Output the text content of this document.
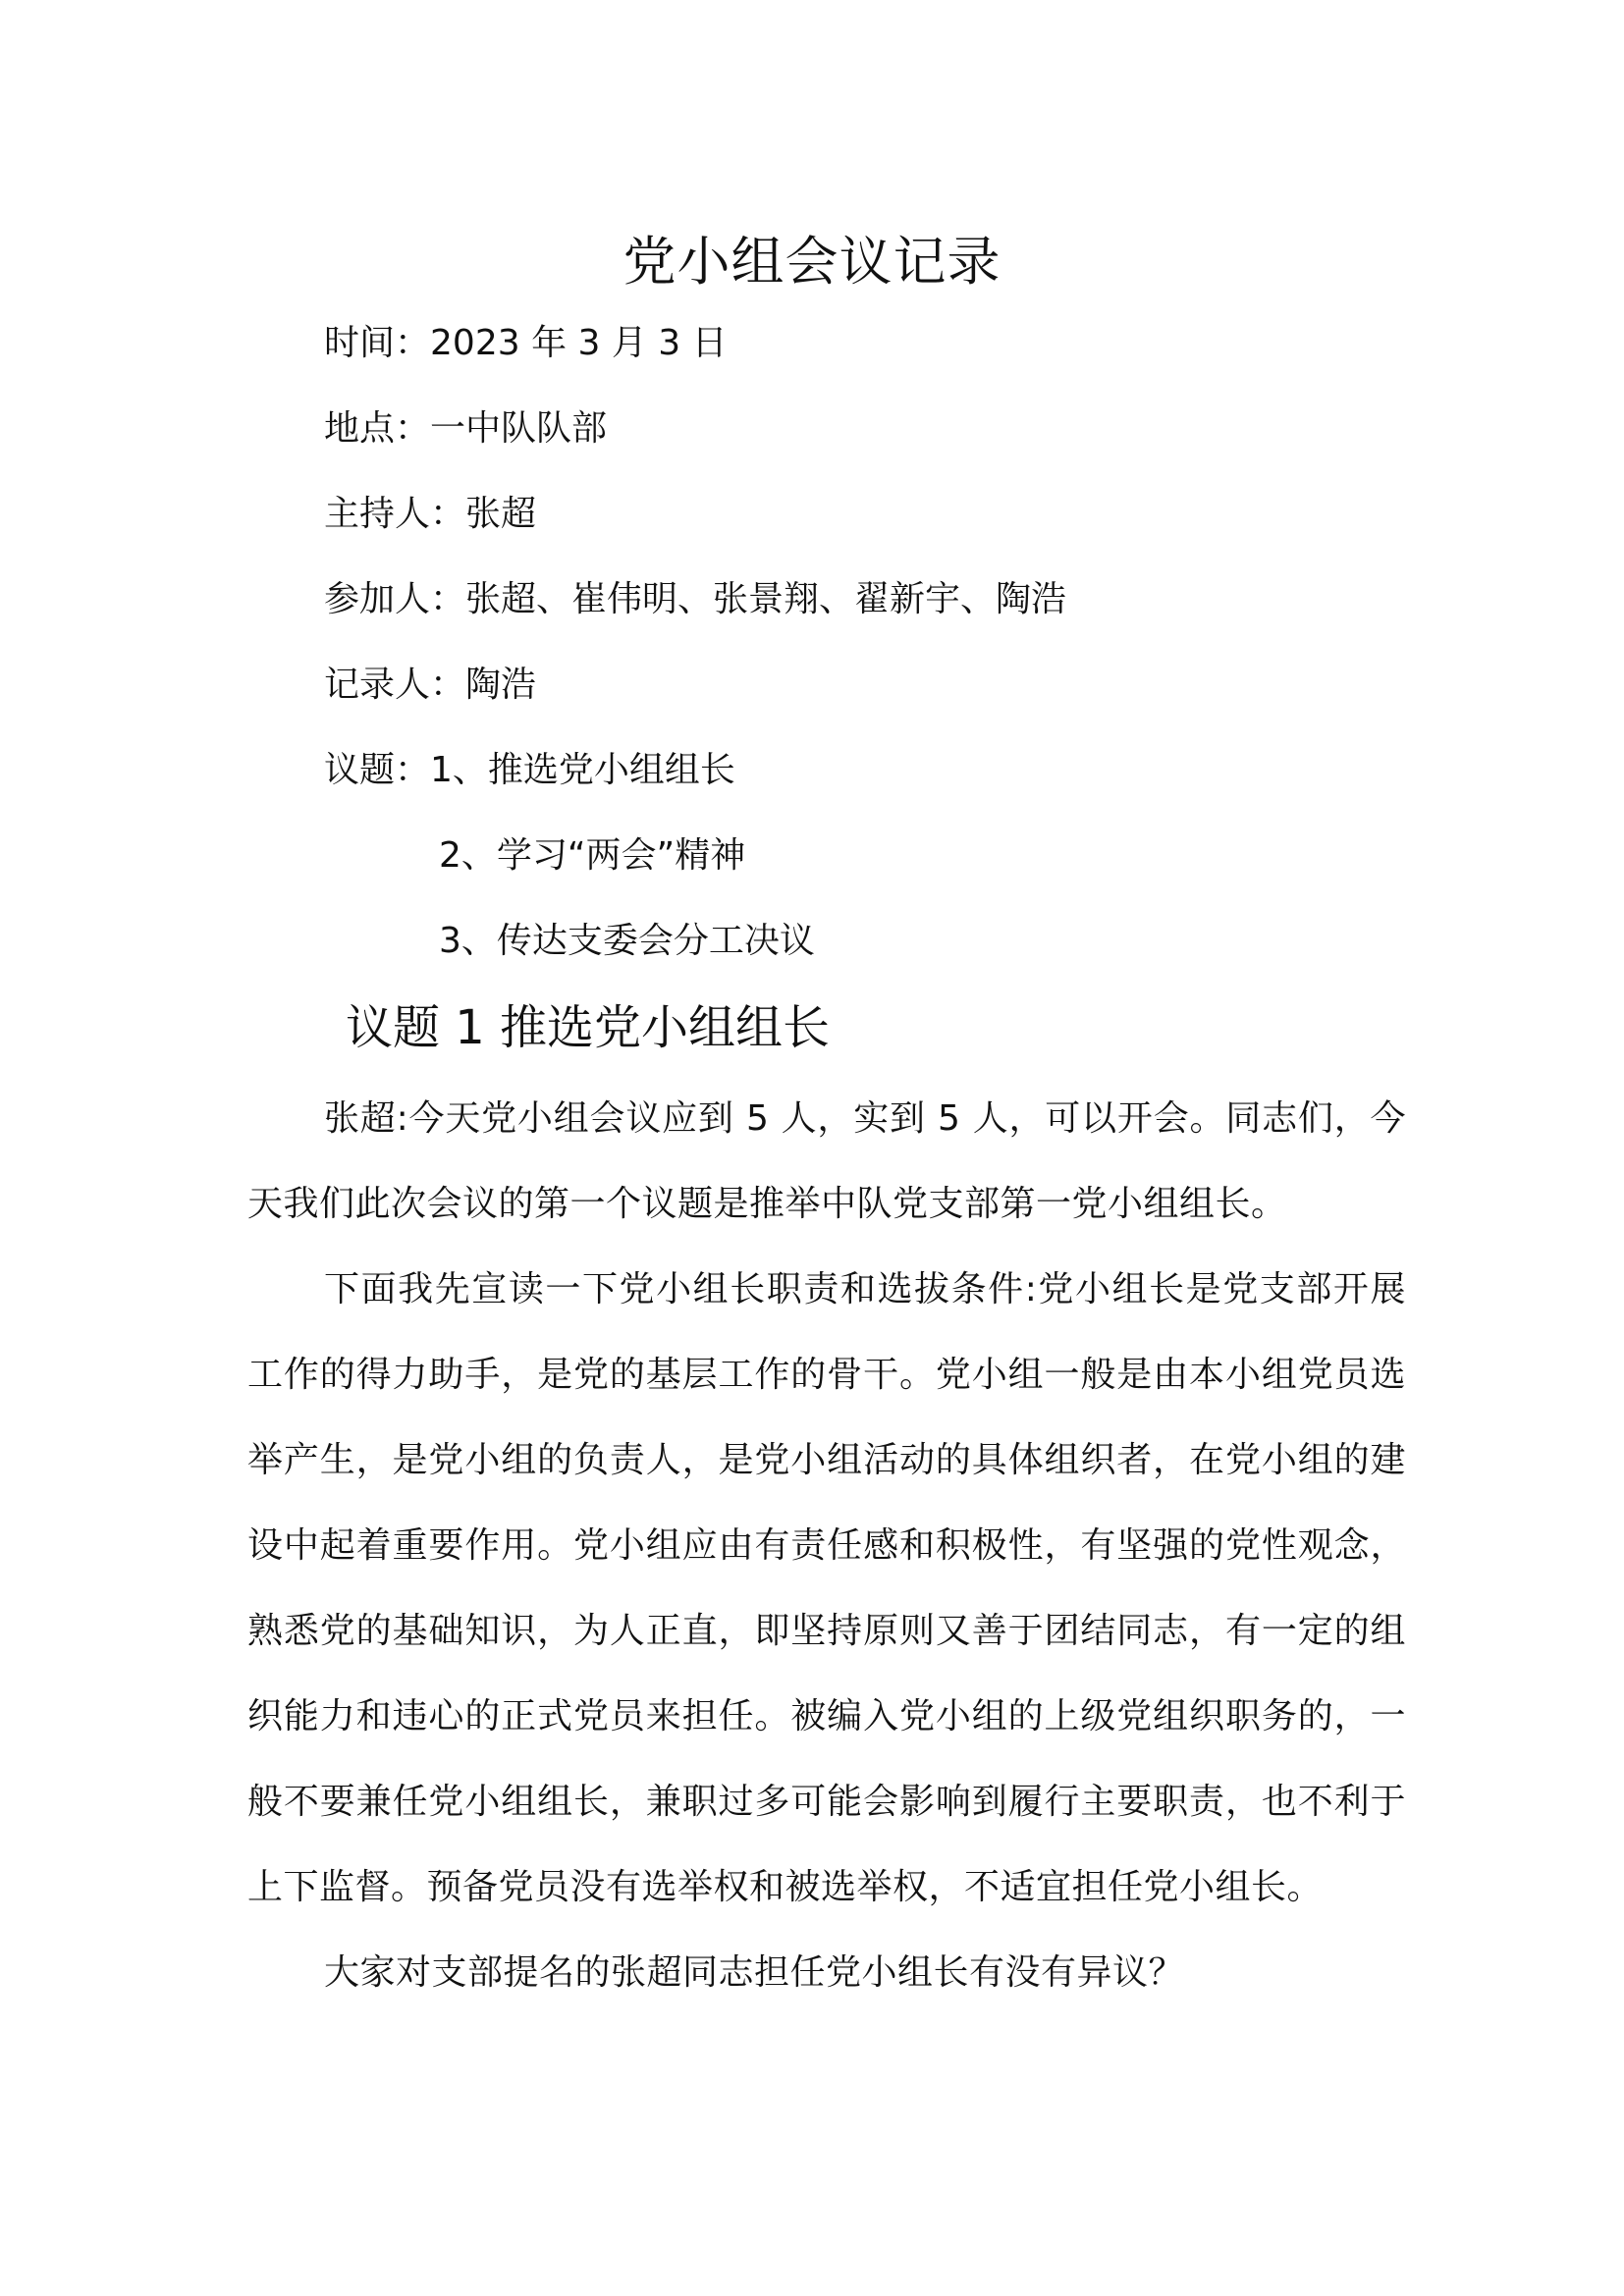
党小组会议记录
时间：2023 年 3 月 3 日
地点：一中队队部
主持人：张超
参加人：张超、崔伟明、张景翔、翟新宇、陶浩
记录人：陶浩
议题：1、推选党小组组长
2、学习“两会”精神
3、传达支委会分工决议
议题 1 推选党小组组长

张超:今天党小组会议应到 5 人，实到 5 人，可以开会。同志们，今天我们此次会议的第一个议题是推举中队党支部第一党小组组长。

下面我先宣读一下党小组长职责和选拔条件:党小组长是党支部开展工作的得力助手，是党的基层工作的骨干。党小组一般是由本小组党员选举产生，是党小组的负责人，是党小组活动的具体组织者，在党小组的建设中起着重要作用。党小组应由有责任感和积极性，有坚强的党性观念，熟悉党的基础知识，为人正直，即坚持原则又善于团结同志，有一定的组织能力和违心的正式党员来担任。被编入党小组的上级党组织职务的，一般不要兼任党小组组长，兼职过多可能会影响到履行主要职责，也不利于上下监督。预备党员没有选举权和被选举权，不适宜担任党小组长。

大家对支部提名的张超同志担任党小组长有没有异议？
